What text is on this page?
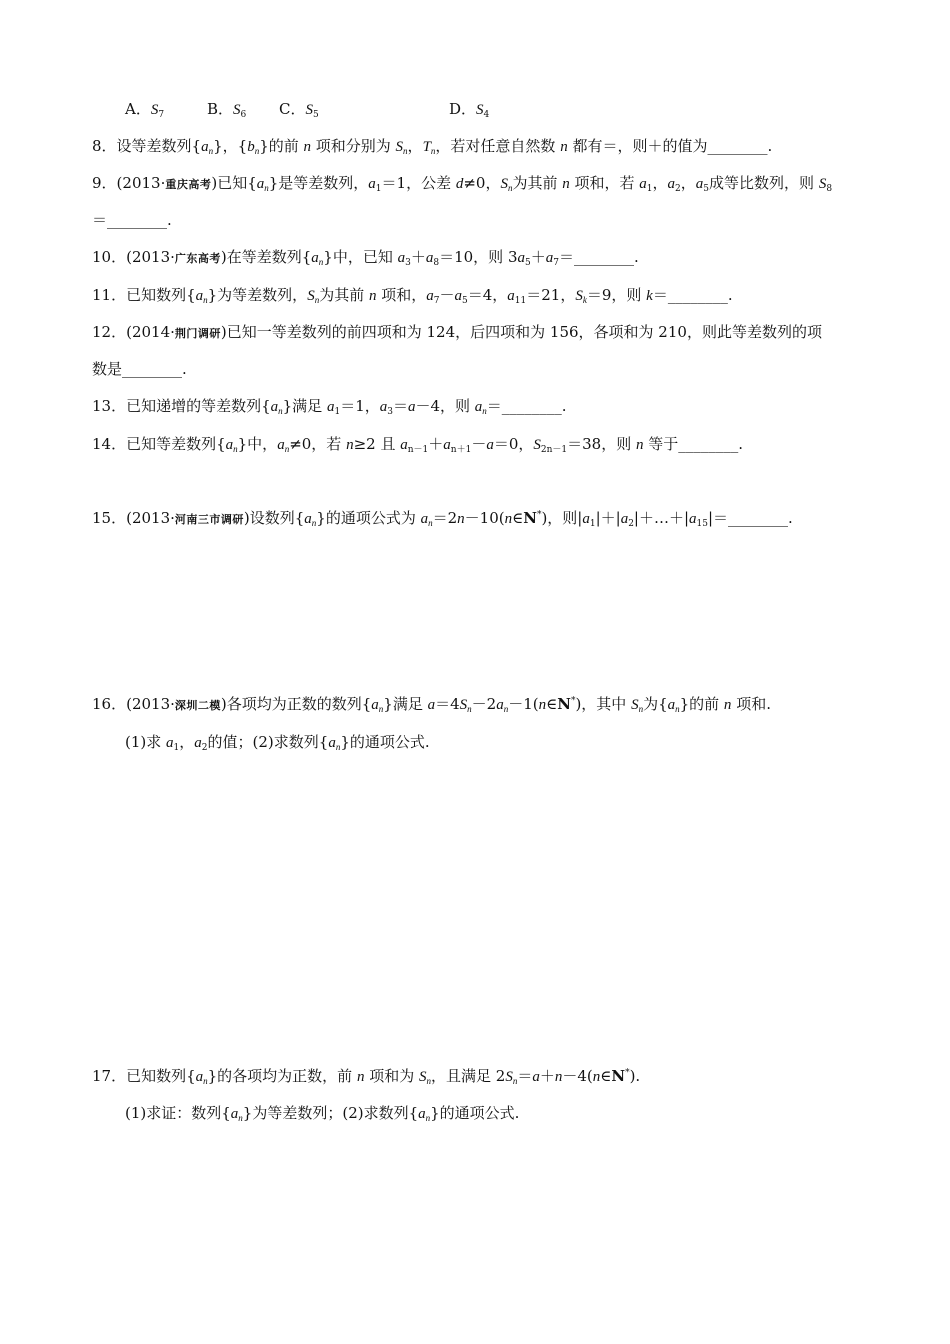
A．$S_7$	B．$S_6$ C．$S_5$	D．$S_4$
8．设等差数列$\{a_n\}$，$\{b_n\}$的前 n 项和分别为 $S_n$，$T_n$，若对任意自然数 n 都有＝，则＋的值为________.
9．(2013·重庆高考)已知$\{a_n\}$是等差数列，$a_1=1$，公差 d≠0，$S_n$为其前 n 项和，若 $a_1$，$a_2$，$a_5$成等比数列，则 $S_8$
＝________.
10．(2013·广东高考)在等差数列$\{a_n\}$中，已知 $a_3+a_8=10$，则 $3a_5+a_7=\_\_\_\_\_\_\_\_$.
11．已知数列$\{a_n\}$为等差数列，$S_n$为其前 n 项和，$a_7-a_5=4$，$a_{11}=21$，$S_k=9$，则 k＝________.
12．(2014·荆门调研)已知一等差数列的前四项和为 124，后四项和为 156，各项和为 210，则此等差数列的项
数是________.
13．已知递增的等差数列$\{a_n\}$满足 $a_1=1$，$a_3=a-4$，则 $a_n=\_\_\_\_\_\_\_\_$.
14．已知等差数列$\{a_n\}$中，$a_n\ne 0$，若 n≥2 且 $a_{n-1}+a_{n+1}-a=0$，$S_{2n-1}=38$，则 n 等于________.
15．(2013·河南三市调研)设数列$\{a_n\}$的通项公式为 $a_n=2n-10(n\in N^*)$，则$|a_1|+|a_2|+\dots+|a_{15}|=\_\_\_\_\_\_\_\_$.
16．(2013·深圳二模)各项均为正数的数列$\{a_n\}$满足 $a=4S_n-2a_n-1(n\in N^*)$，其中 $S_n$为$\{a_n\}$的前 n 项和.
(1)求 $a_1$，$a_2$的值；(2)求数列$\{a_n\}$的通项公式.
17．已知数列$\{a_n\}$的各项均为正数，前 n 项和为 $S_n$，且满足 $2S_n=a+n-4(n\in N^*)$.
(1)求证：数列$\{a_n\}$为等差数列；(2)求数列$\{a_n\}$的通项公式.
